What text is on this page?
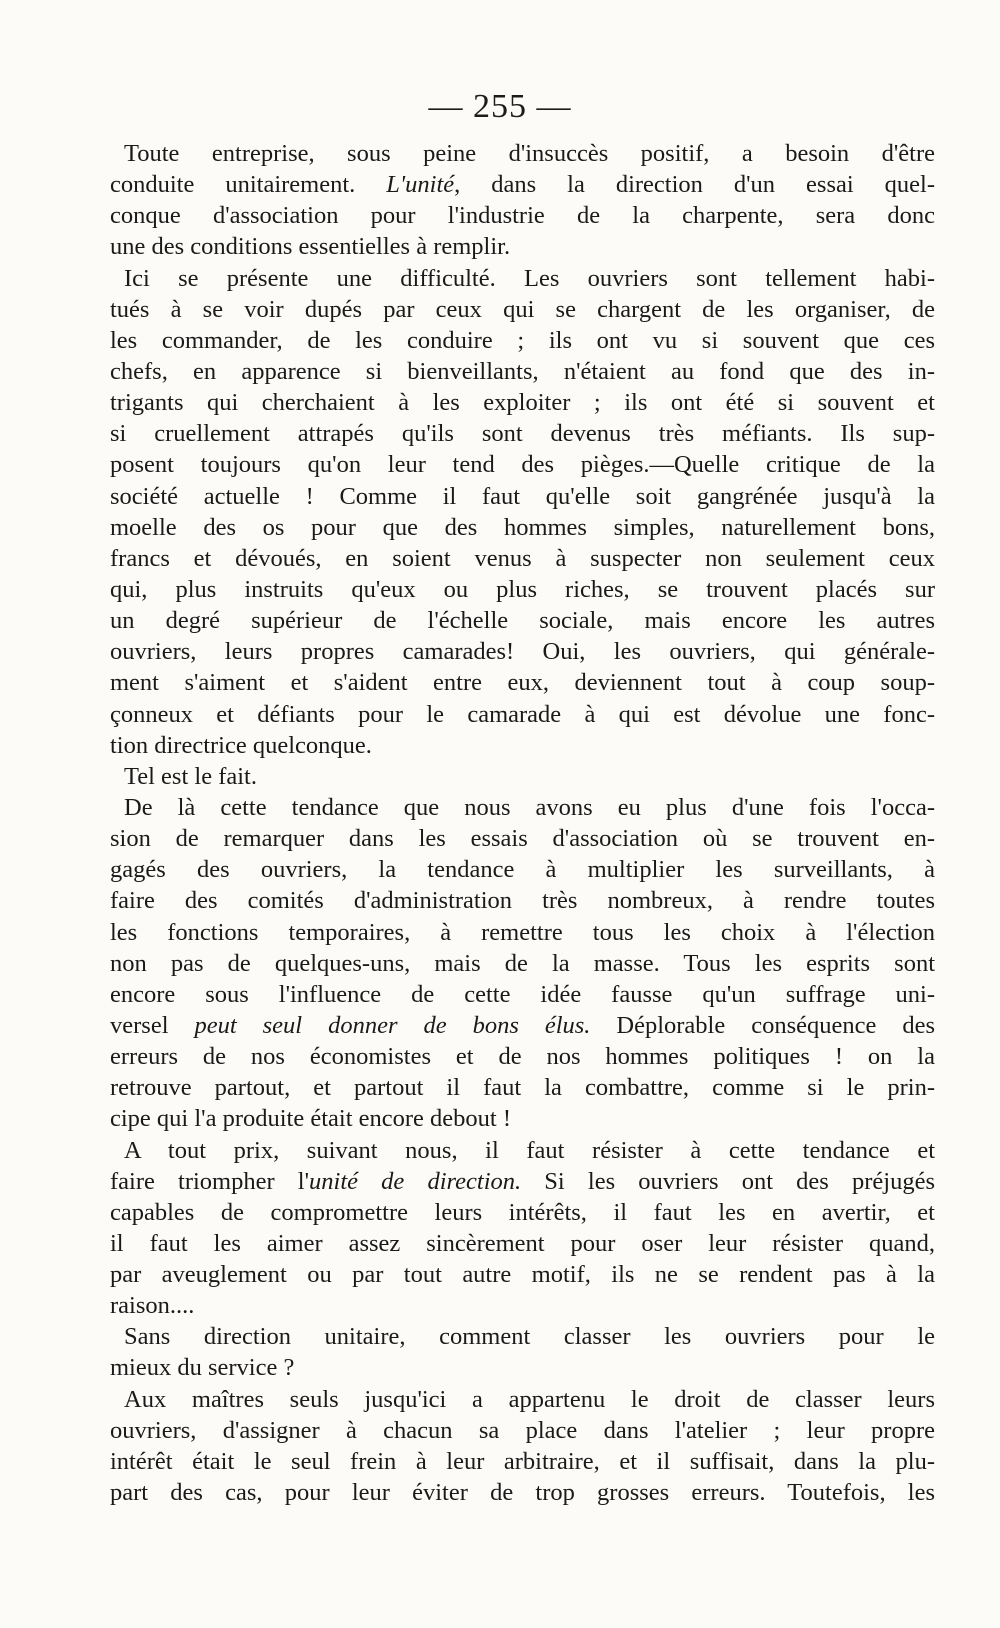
— 255 —
Toute entreprise, sous peine d'insuccès positif, a besoin d'être
conduite unitairement. L'unité, dans la direction d'un essai quel-
conque d'association pour l'industrie de la charpente, sera donc
une des conditions essentielles à remplir.
Ici se présente une difficulté. Les ouvriers sont tellement habi-
tués à se voir dupés par ceux qui se chargent de les organiser, de
les commander, de les conduire ; ils ont vu si souvent que ces
chefs, en apparence si bienveillants, n'étaient au fond que des in-
trigants qui cherchaient à les exploiter ; ils ont été si souvent et
si cruellement attrapés qu'ils sont devenus très méfiants. Ils sup-
posent toujours qu'on leur tend des pièges.—Quelle critique de la
société actuelle ! Comme il faut qu'elle soit gangrénée jusqu'à la
moelle des os pour que des hommes simples, naturellement bons,
francs et dévoués, en soient venus à suspecter non seulement ceux
qui, plus instruits qu'eux ou plus riches, se trouvent placés sur
un degré supérieur de l'échelle sociale, mais encore les autres
ouvriers, leurs propres camarades! Oui, les ouvriers, qui générale-
ment s'aiment et s'aident entre eux, deviennent tout à coup soup-
çonneux et défiants pour le camarade à qui est dévolue une fonc-
tion directrice quelconque.
Tel est le fait.
De là cette tendance que nous avons eu plus d'une fois l'occa-
sion de remarquer dans les essais d'association où se trouvent en-
gagés des ouvriers, la tendance à multiplier les surveillants, à
faire des comités d'administration très nombreux, à rendre toutes
les fonctions temporaires, à remettre tous les choix à l'élection
non pas de quelques-uns, mais de la masse. Tous les esprits sont
encore sous l'influence de cette idée fausse qu'un suffrage uni-
versel peut seul donner de bons élus. Déplorable conséquence des
erreurs de nos économistes et de nos hommes politiques ! on la
retrouve partout, et partout il faut la combattre, comme si le prin-
cipe qui l'a produite était encore debout !
A tout prix, suivant nous, il faut résister à cette tendance et
faire triompher l'unité de direction. Si les ouvriers ont des préjugés
capables de compromettre leurs intérêts, il faut les en avertir, et
il faut les aimer assez sincèrement pour oser leur résister quand,
par aveuglement ou par tout autre motif, ils ne se rendent pas à la
raison....
Sans direction unitaire, comment classer les ouvriers pour le
mieux du service ?
Aux maîtres seuls jusqu'ici a appartenu le droit de classer leurs
ouvriers, d'assigner à chacun sa place dans l'atelier ; leur propre
intérêt était le seul frein à leur arbitraire, et il suffisait, dans la plu-
part des cas, pour leur éviter de trop grosses erreurs. Toutefois, les
